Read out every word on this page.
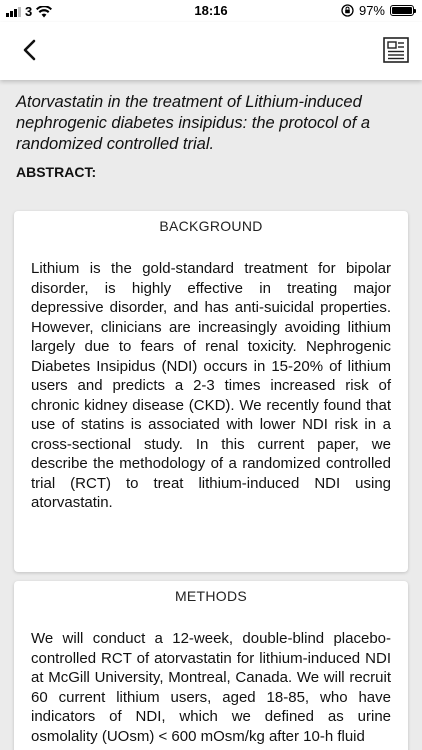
3	18:16	97%
Atorvastatin in the treatment of Lithium-induced nephrogenic diabetes insipidus: the protocol of a randomized controlled trial.
ABSTRACT:
BACKGROUND
Lithium is the gold-standard treatment for bipolar disorder, is highly effective in treating major depressive disorder, and has anti-suicidal properties. However, clinicians are increasingly avoiding lithium largely due to fears of renal toxicity. Nephrogenic Diabetes Insipidus (NDI) occurs in 15-20% of lithium users and predicts a 2-3 times increased risk of chronic kidney disease (CKD). We recently found that use of statins is associated with lower NDI risk in a cross-sectional study. In this current paper, we describe the methodology of a randomized controlled trial (RCT) to treat lithium-induced NDI using atorvastatin.
METHODS
We will conduct a 12-week, double-blind placebo-controlled RCT of atorvastatin for lithium-induced NDI at McGill University, Montreal, Canada. We will recruit 60 current lithium users, aged 18-85, who have indicators of NDI, which we defined as urine osmolality (UOsm) < 600 mOsm/kg after 10-h fluid
